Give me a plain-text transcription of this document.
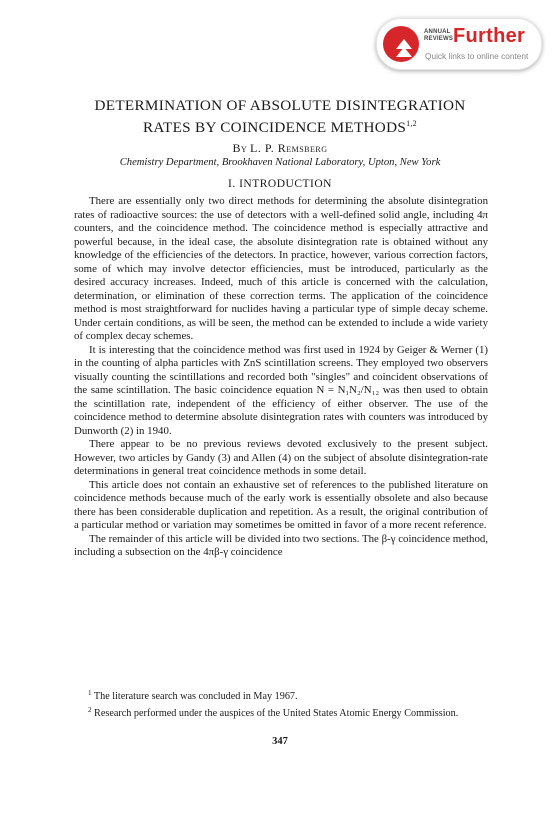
ANNUAL
REVIEWS Further
Quick links to online content
DETERMINATION OF ABSOLUTE DISINTEGRATION
RATES BY COINCIDENCE METHODS$^{1,2}$
By L. P. Remsberg
Chemistry Department, Brookhaven National Laboratory, Upton, New York
I. INTRODUCTION

There are essentially only two direct methods for determining the absolute disintegration rates of radioactive sources: the use of detectors with a well-defined solid angle, including 4π counters, and the coincidence method. The coincidence method is especially attractive and powerful because, in the ideal case, the absolute disintegration rate is obtained without any knowledge of the efficiencies of the detectors. In practice, however, various correction factors, some of which may involve detector efficiencies, must be introduced, particularly as the desired accuracy increases. Indeed, much of this article is concerned with the calculation, determination, or elimination of these correction terms. The application of the coincidence method is most straightforward for nuclides having a particular type of simple decay scheme. Under certain conditions, as will be seen, the method can be extended to include a wide variety of complex decay schemes.

It is interesting that the coincidence method was first used in 1924 by Geiger & Werner (1) in the counting of alpha particles with ZnS scintillation screens. They employed two observers visually counting the scintillations and recorded both "singles" and coincident observations of the same scintillation. The basic coincidence equation N = N₁N₂/N₁₂ was then used to obtain the scintillation rate, independent of the efficiency of either observer. The use of the coincidence method to determine absolute disintegration rates with counters was introduced by Dunworth (2) in 1940.

There appear to be no previous reviews devoted exclusively to the present subject. However, two articles by Gandy (3) and Allen (4) on the subject of absolute disintegration-rate determinations in general treat coincidence methods in some detail.

This article does not contain an exhaustive set of references to the published literature on coincidence methods because much of the early work is essentially obsolete and also because there has been considerable duplication and repetition. As a result, the original contribution of a particular method or variation may sometimes be omitted in favor of a more recent reference.

The remainder of this article will be divided into two sections. The β-γ coincidence method, including a subsection on the 4πβ-γ coincidence

$^1$ The literature search was concluded in May 1967.

$^2$ Research performed under the auspices of the United States Atomic Energy Commission.

347
